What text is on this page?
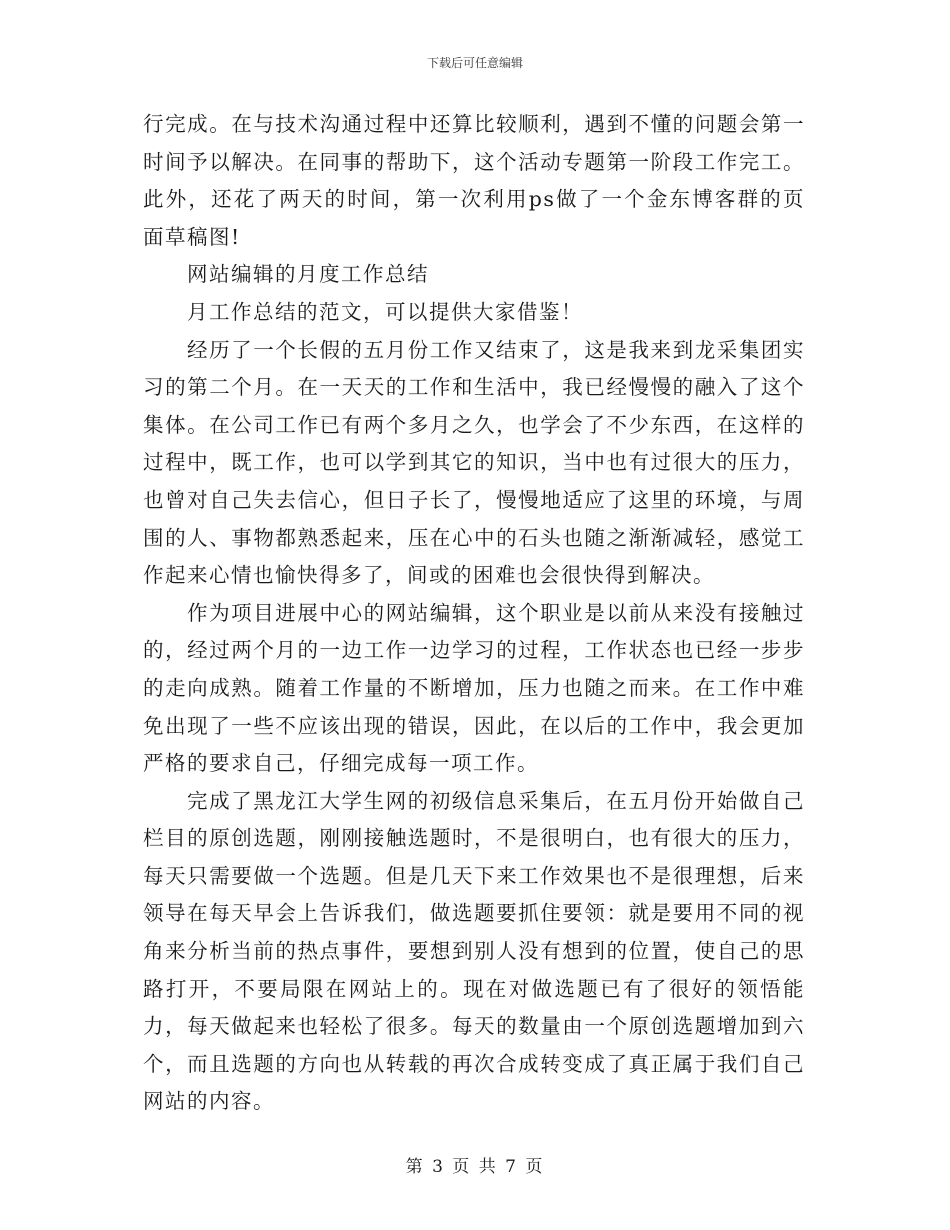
下载后可任意编辑

行完成。在与技术沟通过程中还算比较顺利，遇到不懂的问题会第一时间予以解决。在同事的帮助下，这个活动专题第一阶段工作完工。此外，还花了两天的时间，第一次利用ps做了一个金东博客群的页面草稿图!

网站编辑的月度工作总结

月工作总结的范文，可以提供大家借鉴！

经历了一个长假的五月份工作又结束了，这是我来到龙采集团实习的第二个月。在一天天的工作和生活中，我已经慢慢的融入了这个集体。在公司工作已有两个多月之久，也学会了不少东西，在这样的过程中，既工作，也可以学到其它的知识，当中也有过很大的压力，也曾对自己失去信心，但日子长了，慢慢地适应了这里的环境，与周围的人、事物都熟悉起来，压在心中的石头也随之渐渐减轻，感觉工作起来心情也愉快得多了，间或的困难也会很快得到解决。

作为项目进展中心的网站编辑，这个职业是以前从来没有接触过的，经过两个月的一边工作一边学习的过程，工作状态也已经一步步的走向成熟。随着工作量的不断增加，压力也随之而来。在工作中难免出现了一些不应该出现的错误，因此，在以后的工作中，我会更加严格的要求自己，仔细完成每一项工作。

完成了黑龙江大学生网的初级信息采集后，在五月份开始做自己栏目的原创选题，刚刚接触选题时，不是很明白，也有很大的压力，每天只需要做一个选题。但是几天下来工作效果也不是很理想，后来领导在每天早会上告诉我们，做选题要抓住要领：就是要用不同的视角来分析当前的热点事件，要想到别人没有想到的位置，使自己的思路打开，不要局限在网站上的。现在对做选题已有了很好的领悟能力，每天做起来也轻松了很多。每天的数量由一个原创选题增加到六个，而且选题的方向也从转载的再次合成转变成了真正属于我们自己网站的内容。

第 3 页 共 7 页
